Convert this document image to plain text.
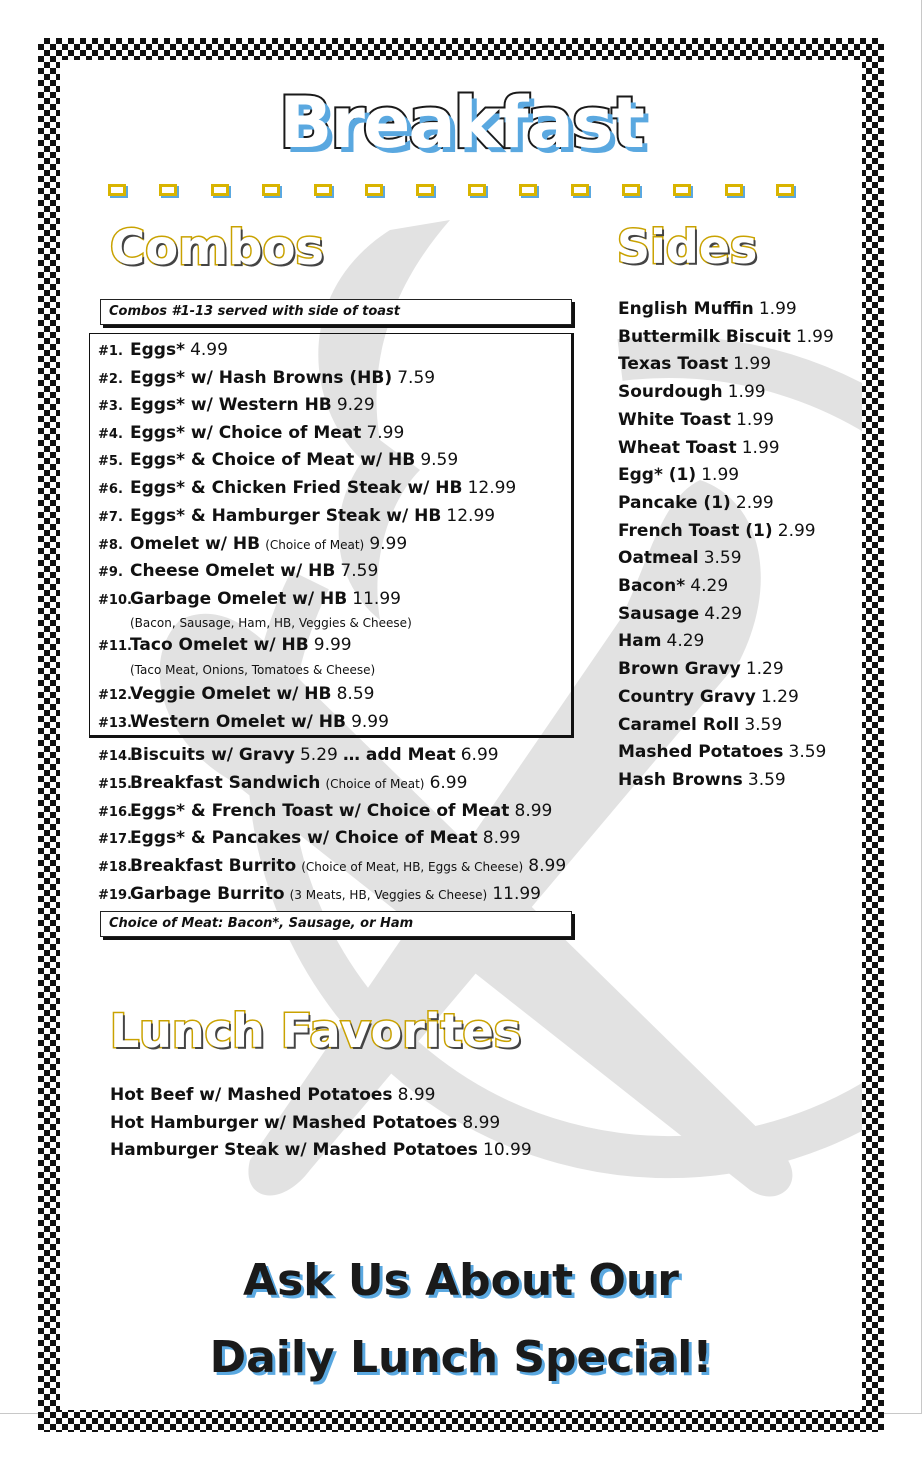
Breakfast
Combos	Sides
Combos #1-13 served with side of toast
#1. Eggs* 4.99
#2. Eggs* w/ Hash Browns (HB) 7.59
#3. Eggs* w/ Western HB 9.29
#4. Eggs* w/ Choice of Meat 7.99
#5. Eggs* & Choice of Meat w/ HB 9.59
#6. Eggs* & Chicken Fried Steak w/ HB 12.99
#7. Eggs* & Hamburger Steak w/ HB 12.99
#8. Omelet w/ HB (Choice of Meat) 9.99
#9. Cheese Omelet w/ HB 7.59
#10.Garbage Omelet w/ HB 11.99
(Bacon, Sausage, Ham, HB, Veggies & Cheese)
#11.Taco Omelet w/ HB 9.99
(Taco Meat, Onions, Tomatoes & Cheese)
#12.Veggie Omelet w/ HB 8.59
#13.Western Omelet w/ HB 9.99
#14.Biscuits w/ Gravy 5.29 … add Meat 6.99
#15.Breakfast Sandwich (Choice of Meat) 6.99
#16.Eggs* & French Toast w/ Choice of Meat 8.99
#17.Eggs* & Pancakes w/ Choice of Meat 8.99
#18.Breakfast Burrito (Choice of Meat, HB, Eggs & Cheese) 8.99
#19.Garbage Burrito (3 Meats, HB, Veggies & Cheese) 11.99
Choice of Meat: Bacon*, Sausage, or Ham
English Muffin 1.99
Buttermilk Biscuit 1.99
Texas Toast 1.99
Sourdough 1.99
White Toast 1.99
Wheat Toast 1.99
Egg* (1) 1.99
Pancake (1) 2.99
French Toast (1) 2.99
Oatmeal 3.59
Bacon* 4.29
Sausage 4.29
Ham 4.29
Brown Gravy 1.29
Country Gravy 1.29
Caramel Roll 3.59
Mashed Potatoes 3.59
Hash Browns 3.59
Lunch Favorites
Hot Beef w/ Mashed Potatoes 8.99
Hot Hamburger w/ Mashed Potatoes 8.99
Hamburger Steak w/ Mashed Potatoes 10.99
Ask Us About Our
Daily Lunch Special!
